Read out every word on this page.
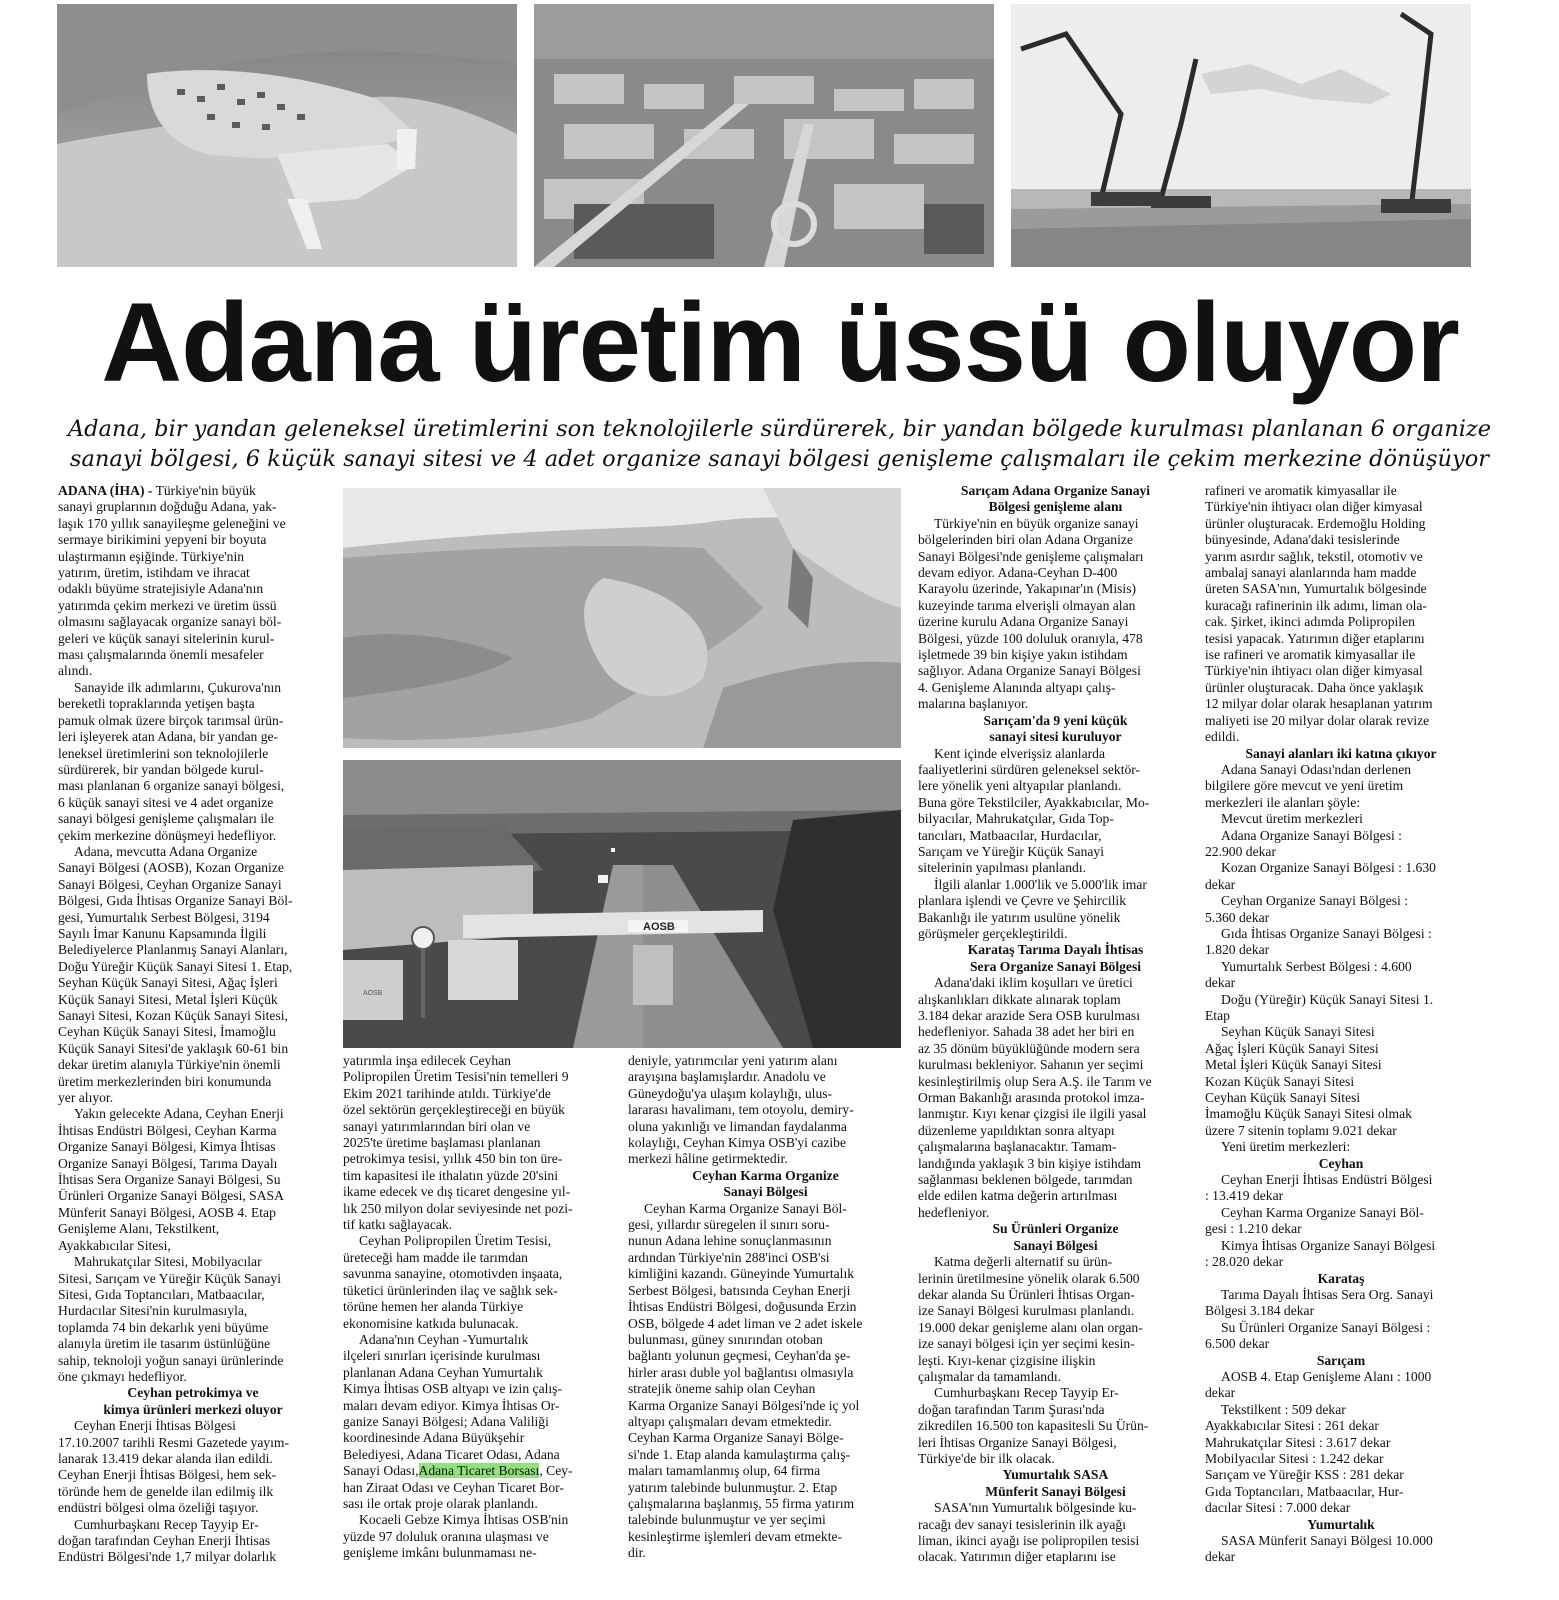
Adana üretim üssü oluyor

Adana, bir yandan geleneksel üretimlerini son teknolojilerle sürdürerek, bir yandan bölgede kurulması planlanan 6 organize sanayi bölgesi, 6 küçük sanayi sitesi ve 4 adet organize sanayi bölgesi genişleme çalışmaları ile çekim merkezine dönüşüyor

AOSB
AOSB

ADANA (İHA) - Türkiye'nin büyük
sanayi gruplarının doğduğu Adana, yak-
laşık 170 yıllık sanayileşme geleneğini ve
sermaye birikimini yepyeni bir boyuta
ulaştırmanın eşiğinde. Türkiye'nin
yatırım, üretim, istihdam ve ihracat
odaklı büyüme stratejisiyle Adana'nın
yatırımda çekim merkezi ve üretim üssü
olmasını sağlayacak organize sanayi böl-
geleri ve küçük sanayi sitelerinin kurul-
ması çalışmalarında önemli mesafeler
alındı.

Sanayide ilk adımlarını, Çukurova'nın
bereketli topraklarında yetişen başta
pamuk olmak üzere birçok tarımsal ürün-
leri işleyerek atan Adana, bir yandan ge-
leneksel üretimlerini son teknolojilerle
sürdürerek, bir yandan bölgede kurul-
ması planlanan 6 organize sanayi bölgesi,
6 küçük sanayi sitesi ve 4 adet organize
sanayi bölgesi genişleme çalışmaları ile
çekim merkezine dönüşmeyi hedefliyor.

Adana, mevcutta Adana Organize
Sanayi Bölgesi (AOSB), Kozan Organize
Sanayi Bölgesi, Ceyhan Organize Sanayi
Bölgesi, Gıda İhtisas Organize Sanayi Böl-
gesi, Yumurtalık Serbest Bölgesi, 3194
Sayılı İmar Kanunu Kapsamında İlgili
Belediyelerce Planlanmış Sanayi Alanları,
Doğu Yüreğir Küçük Sanayi Sitesi 1. Etap,
Seyhan Küçük Sanayi Sitesi, Ağaç İşleri
Küçük Sanayi Sitesi, Metal İşleri Küçük
Sanayi Sitesi, Kozan Küçük Sanayi Sitesi,
Ceyhan Küçük Sanayi Sitesi, İmamoğlu
Küçük Sanayi Sitesi'de yaklaşık 60-61 bin
dekar üretim alanıyla Türkiye'nin önemli
üretim merkezlerinden biri konumunda
yer alıyor.

Yakın gelecekte Adana, Ceyhan Enerji
İhtisas Endüstri Bölgesi, Ceyhan Karma
Organize Sanayi Bölgesi, Kimya İhtisas
Organize Sanayi Bölgesi, Tarıma Dayalı
İhtisas Sera Organize Sanayi Bölgesi, Su
Ürünleri Organize Sanayi Bölgesi, SASA
Münferit Sanayi Bölgesi, AOSB 4. Etap
Genişleme Alanı, Tekstilkent,
Ayakkabıcılar Sitesi,

Mahrukatçılar Sitesi, Mobilyacılar
Sitesi, Sarıçam ve Yüreğir Küçük Sanayi
Sitesi, Gıda Toptancıları, Matbaacılar,
Hurdacılar Sitesi'nin kurulmasıyla,
toplamda 74 bin dekarlık yeni büyüme
alanıyla üretim ile tasarım üstünlüğüne
sahip, teknoloji yoğun sanayi ürünlerinde
öne çıkmayı hedefliyor.

Ceyhan petrokimya ve
kimya ürünleri merkezi oluyor

Ceyhan Enerji İhtisas Bölgesi
17.10.2007 tarihli Resmi Gazetede yayım-
lanarak 13.419 dekar alanda ilan edildi.
Ceyhan Enerji İhtisas Bölgesi, hem sek-
töründe hem de genelde ilan edilmiş ilk
endüstri bölgesi olma özeliği taşıyor.

Cumhurbaşkanı Recep Tayyip Er-
doğan tarafından Ceyhan Enerji İhtisas
Endüstri Bölgesi'nde 1,7 milyar dolarlık

yatırımla inşa edilecek Ceyhan
Polipropilen Üretim Tesisi'nin temelleri 9
Ekim 2021 tarihinde atıldı. Türkiye'de
özel sektörün gerçekleştireceği en büyük
sanayi yatırımlarından biri olan ve
2025'te üretime başlaması planlanan
petrokimya tesisi, yıllık 450 bin ton üre-
tim kapasitesi ile ithalatın yüzde 20'sini
ikame edecek ve dış ticaret dengesine yıl-
lık 250 milyon dolar seviyesinde net pozi-
tif katkı sağlayacak.

Ceyhan Polipropilen Üretim Tesisi,
üreteceği ham madde ile tarımdan
savunma sanayine, otomotivden inşaata,
tüketici ürünlerinden ilaç ve sağlık sek-
törüne hemen her alanda Türkiye
ekonomisine katkıda bulunacak.

Adana'nın Ceyhan -Yumurtalık
ilçeleri sınırları içerisinde kurulması
planlanan Adana Ceyhan Yumurtalık
Kimya İhtisas OSB altyapı ve izin çalış-
maları devam ediyor. Kimya İhtisas Or-
ganize Sanayi Bölgesi; Adana Valiliği
koordinesinde Adana Büyükşehir
Belediyesi, Adana Ticaret Odası, Adana
Sanayi Odası,Adana Ticaret Borsası, Cey-
han Ziraat Odası ve Ceyhan Ticaret Bor-
sası ile ortak proje olarak planlandı.

Kocaeli Gebze Kimya İhtisas OSB'nin
yüzde 97 doluluk oranına ulaşması ve
genişleme imkânı bulunmaması ne-

deniyle, yatırımcılar yeni yatırım alanı
arayışına başlamışlardır. Anadolu ve
Güneydoğu'ya ulaşım kolaylığı, ulus-
lararası havalimanı, tem otoyolu, demiry-
oluna yakınlığı ve limandan faydalanma
kolaylığı, Ceyhan Kimya OSB'yi cazibe
merkezi hâline getirmektedir.

Ceyhan Karma Organize
Sanayi Bölgesi

Ceyhan Karma Organize Sanayi Böl-
gesi, yıllardır süregelen il sınırı soru-
nunun Adana lehine sonuçlanmasının
ardından Türkiye'nin 288'inci OSB'si
kimliğini kazandı. Güneyinde Yumurtalık
Serbest Bölgesi, batısında Ceyhan Enerji
İhtisas Endüstri Bölgesi, doğusunda Erzin
OSB, bölgede 4 adet liman ve 2 adet iskele
bulunması, güney sınırından otoban
bağlantı yolunun geçmesi, Ceyhan'da şe-
hirler arası duble yol bağlantısı olmasıyla
stratejik öneme sahip olan Ceyhan
Karma Organize Sanayi Bölgesi'nde iç yol
altyapı çalışmaları devam etmektedir.
Ceyhan Karma Organize Sanayi Bölge-
si'nde 1. Etap alanda kamulaştırma çalış-
maları tamamlanmış olup, 64 firma
yatırım talebinde bulunmuştur. 2. Etap
çalışmalarına başlanmış, 55 firma yatırım
talebinde bulunmuştur ve yer seçimi
kesinleştirme işlemleri devam etmekte-
dir.

Sarıçam Adana Organize Sanayi
Bölgesi genişleme alanı

Türkiye'nin en büyük organize sanayi
bölgelerinden biri olan Adana Organize
Sanayi Bölgesi'nde genişleme çalışmaları
devam ediyor. Adana-Ceyhan D-400
Karayolu üzerinde, Yakapınar'ın (Misis)
kuzeyinde tarıma elverişli olmayan alan
üzerine kurulu Adana Organize Sanayi
Bölgesi, yüzde 100 doluluk oranıyla, 478
işletmede 39 bin kişiye yakın istihdam
sağlıyor. Adana Organize Sanayi Bölgesi
4. Genişleme Alanında altyapı çalış-
malarına başlanıyor.

Sarıçam'da 9 yeni küçük
sanayi sitesi kuruluyor

Kent içinde elverişsiz alanlarda
faaliyetlerini sürdüren geleneksel sektör-
lere yönelik yeni altyapılar planlandı.
Buna göre Tekstilciler, Ayakkabıcılar, Mo-
bilyacılar, Mahrukatçılar, Gıda Top-
tancıları, Matbaacılar, Hurdacılar,
Sarıçam ve Yüreğir Küçük Sanayi
sitelerinin yapılması planlandı.

İlgili alanlar 1.000'lik ve 5.000'lik imar
planlara işlendi ve Çevre ve Şehircilik
Bakanlığı ile yatırım usulüne yönelik
görüşmeler gerçekleştirildi.

Karataş Tarıma Dayalı İhtisas
Sera Organize Sanayi Bölgesi

Adana'daki iklim koşulları ve üretici
alışkanlıkları dikkate alınarak toplam
3.184 dekar arazide Sera OSB kurulması
hedefleniyor. Sahada 38 adet her biri en
az 35 dönüm büyüklüğünde modern sera
kurulması bekleniyor. Sahanın yer seçimi
kesinleştirilmiş olup Sera A.Ş. ile Tarım ve
Orman Bakanlığı arasında protokol imza-
lanmıştır. Kıyı kenar çizgisi ile ilgili yasal
düzenleme yapıldıktan sonra altyapı
çalışmalarına başlanacaktır. Tamam-
landığında yaklaşık 3 bin kişiye istihdam
sağlanması beklenen bölgede, tarımdan
elde edilen katma değerin artırılması
hedefleniyor.

Su Ürünleri Organize
Sanayi Bölgesi

Katma değerli alternatif su ürün-
lerinin üretilmesine yönelik olarak 6.500
dekar alanda Su Ürünleri İhtisas Organ-
ize Sanayi Bölgesi kurulması planlandı.
19.000 dekar genişleme alanı olan organ-
ize sanayi bölgesi için yer seçimi kesin-
leşti. Kıyı-kenar çizgisine ilişkin
çalışmalar da tamamlandı.

Cumhurbaşkanı Recep Tayyip Er-
doğan tarafından Tarım Şurası'nda
zikredilen 16.500 ton kapasitesli Su Ürün-
leri İhtisas Organize Sanayi Bölgesi,
Türkiye'de bir ilk olacak.

Yumurtalık SASA
Münferit Sanayi Bölgesi

SASA'nın Yumurtalık bölgesinde ku-
racağı dev sanayi tesislerinin ilk ayağı
liman, ikinci ayağı ise polipropilen tesisi
olacak. Yatırımın diğer etaplarını ise

rafineri ve aromatik kimyasallar ile
Türkiye'nin ihtiyacı olan diğer kimyasal
ürünler oluşturacak. Erdemoğlu Holding
bünyesinde, Adana'daki tesislerinde
yarım asırdır sağlık, tekstil, otomotiv ve
ambalaj sanayi alanlarında ham madde
üreten SASA'nın, Yumurtalık bölgesinde
kuracağı rafinerinin ilk adımı, liman ola-
cak. Şirket, ikinci adımda Polipropilen
tesisi yapacak. Yatırımın diğer etaplarını
ise rafineri ve aromatik kimyasallar ile
Türkiye'nin ihtiyacı olan diğer kimyasal
ürünler oluşturacak. Daha önce yaklaşık
12 milyar dolar olarak hesaplanan yatırım
maliyeti ise 20 milyar dolar olarak revize
edildi.

Sanayi alanları iki katına çıkıyor

Adana Sanayi Odası'ndan derlenen
bilgilere göre mevcut ve yeni üretim
merkezleri ile alanları şöyle:

Mevcut üretim merkezleri

Adana Organize Sanayi Bölgesi :
22.900 dekar

Kozan Organize Sanayi Bölgesi : 1.630
dekar

Ceyhan Organize Sanayi Bölgesi :
5.360 dekar

Gıda İhtisas Organize Sanayi Bölgesi :
1.820 dekar

Yumurtalık Serbest Bölgesi : 4.600
dekar

Doğu (Yüreğir) Küçük Sanayi Sitesi 1.
Etap

Seyhan Küçük Sanayi Sitesi
Ağaç İşleri Küçük Sanayi Sitesi
Metal İşleri Küçük Sanayi Sitesi
Kozan Küçük Sanayi Sitesi
Ceyhan Küçük Sanayi Sitesi
İmamoğlu Küçük Sanayi Sitesi olmak
üzere 7 sitenin toplamı 9.021 dekar

Yeni üretim merkezleri:

Ceyhan

Ceyhan Enerji İhtisas Endüstri Bölgesi
: 13.419 dekar

Ceyhan Karma Organize Sanayi Böl-
gesi : 1.210 dekar

Kimya İhtisas Organize Sanayi Bölgesi
: 28.020 dekar

Karataş

Tarıma Dayalı İhtisas Sera Org. Sanayi
Bölgesi 3.184 dekar

Su Ürünleri Organize Sanayi Bölgesi :
6.500 dekar

Sarıçam

AOSB 4. Etap Genişleme Alanı : 1000
dekar

Tekstilkent : 509 dekar
Ayakkabıcılar Sitesi : 261 dekar
Mahrukatçılar Sitesi : 3.617 dekar
Mobilyacılar Sitesi : 1.242 dekar
Sarıçam ve Yüreğir KSS : 281 dekar
Gıda Toptancıları, Matbaacılar, Hur-
dacılar Sitesi : 7.000 dekar

Yumurtalık

SASA Münferit Sanayi Bölgesi 10.000
dekar
